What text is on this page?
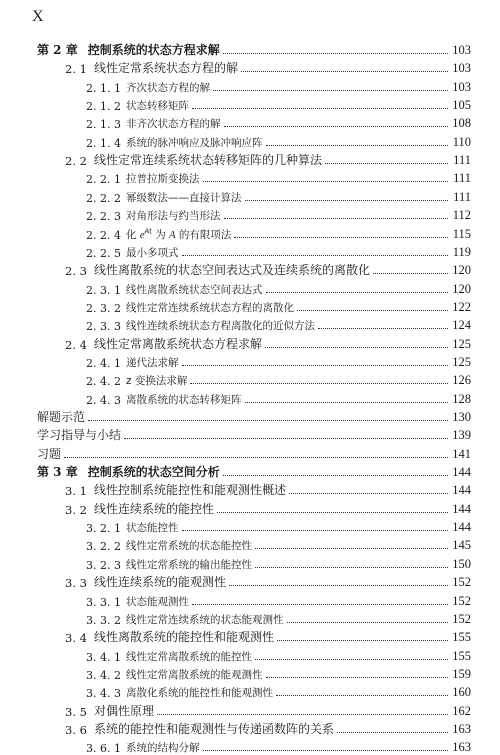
X
第 2 章 控制系统的状态方程求解	103
2. 1 线性定常系统状态方程的解	103
2. 1. 1 齐次状态方程的解	103
2. 1. 2 状态转移矩阵	105
2. 1. 3 非齐次状态方程的解	108
2. 1. 4 系统的脉冲响应及脉冲响应阵	110
2. 2 线性定常连续系统状态转移矩阵的几种算法	111
2. 2. 1 拉普拉斯变换法	111
2. 2. 2 幂级数法——直接计算法	111
2. 2. 3 对角形法与约当形法	112
2. 2. 4 化 $e^{At}$ 为 A 的有限项法	115
2. 2. 5 最小多项式	119
2. 3 线性离散系统的状态空间表达式及连续系统的离散化	120
2. 3. 1 线性离散系统状态空间表达式	120
2. 3. 2 线性定常连续系统状态方程的离散化	122
2. 3. 3 线性连续系统状态方程离散化的近似方法	124
2. 4 线性定常离散系统状态方程求解	125
2. 4. 1 递代法求解	125
2. 4. 2 z 变换法求解	126
2. 4. 3 离散系统的状态转移矩阵	128
解题示范	130
学习指导与小结	139
习题	141
第 3 章 控制系统的状态空间分析	144
3. 1 线性控制系统能控性和能观测性概述	144
3. 2 线性连续系统的能控性	144
3. 2. 1 状态能控性	144
3. 2. 2 线性定常系统的状态能控性	145
3. 2. 3 线性定常系统的输出能控性	150
3. 3 线性连续系统的能观测性	152
3. 3. 1 状态能观测性	152
3. 3. 2 线性定常连续系统的状态能观测性	152
3. 4 线性离散系统的能控性和能观测性	155
3. 4. 1 线性定常离散系统的能控性	155
3. 4. 2 线性定常离散系统的能观测性	159
3. 4. 3 离散化系统的能控性和能观测性	160
3. 5 对偶性原理	162
3. 6 系统的能控性和能观测性与传递函数阵的关系	163
3. 6. 1 系统的结构分解	163
